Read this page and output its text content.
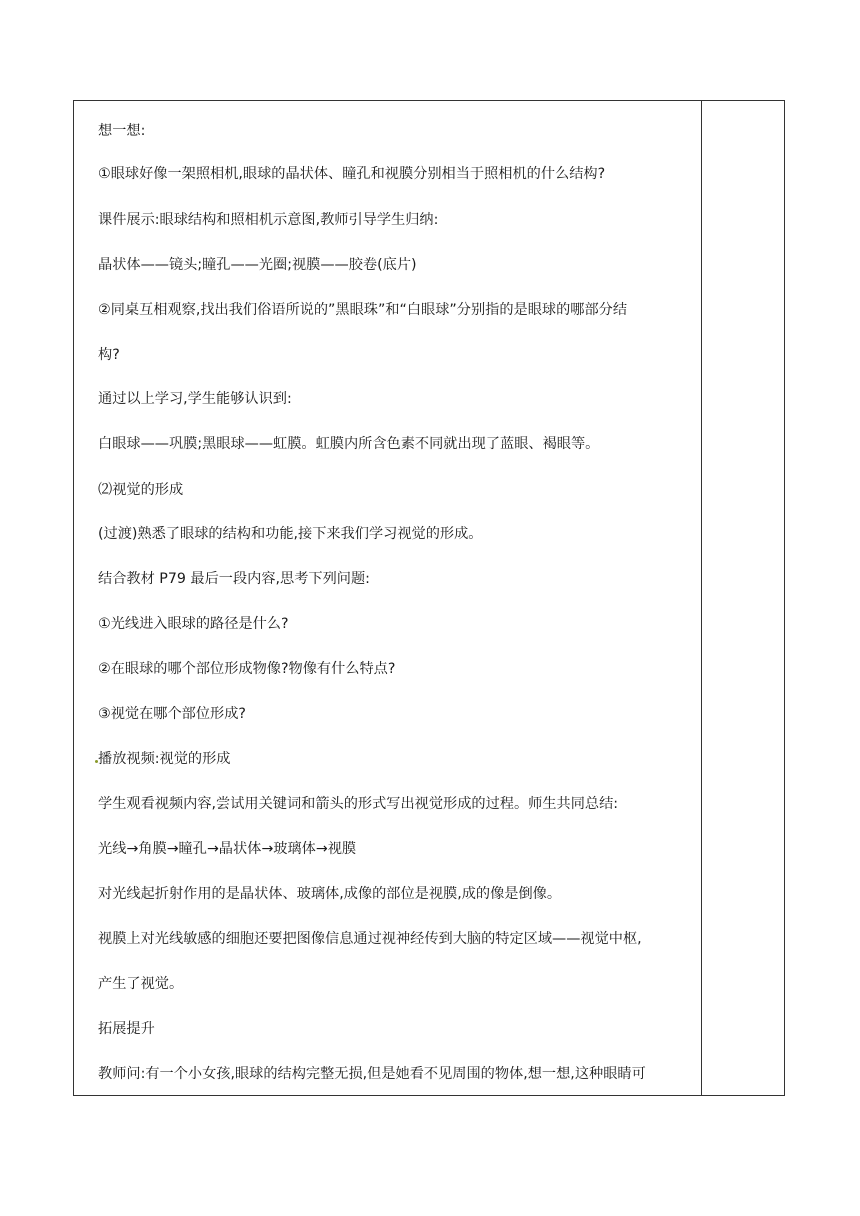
想一想:
①眼球好像一架照相机,眼球的晶状体、瞳孔和视膜分别相当于照相机的什么结构?
课件展示:眼球结构和照相机示意图,教师引导学生归纳:
晶状体——镜头;瞳孔——光圈;视膜——胶卷(底片)
②同桌互相观察,找出我们俗语所说的”黑眼珠”和“白眼球”分别指的是眼球的哪部分结
构?
通过以上学习,学生能够认识到:
白眼球——巩膜;黑眼球——虹膜。虹膜内所含色素不同就出现了蓝眼、褐眼等。
⑵视觉的形成
(过渡)熟悉了眼球的结构和功能,接下来我们学习视觉的形成。
结合教材 P79 最后一段内容,思考下列问题:
①光线进入眼球的路径是什么?
②在眼球的哪个部位形成物像?物像有什么特点?
③视觉在哪个部位形成?
播放视频:视觉的形成
学生观看视频内容,尝试用关键词和箭头的形式写出视觉形成的过程。师生共同总结:
光线→角膜→瞳孔→晶状体→玻璃体→视膜
对光线起折射作用的是晶状体、玻璃体,成像的部位是视膜,成的像是倒像。
视膜上对光线敏感的细胞还要把图像信息通过视神经传到大脑的特定区域——视觉中枢,
产生了视觉。
拓展提升
教师问:有一个小女孩,眼球的结构完整无损,但是她看不见周围的物体,想一想,这种眼睛可
